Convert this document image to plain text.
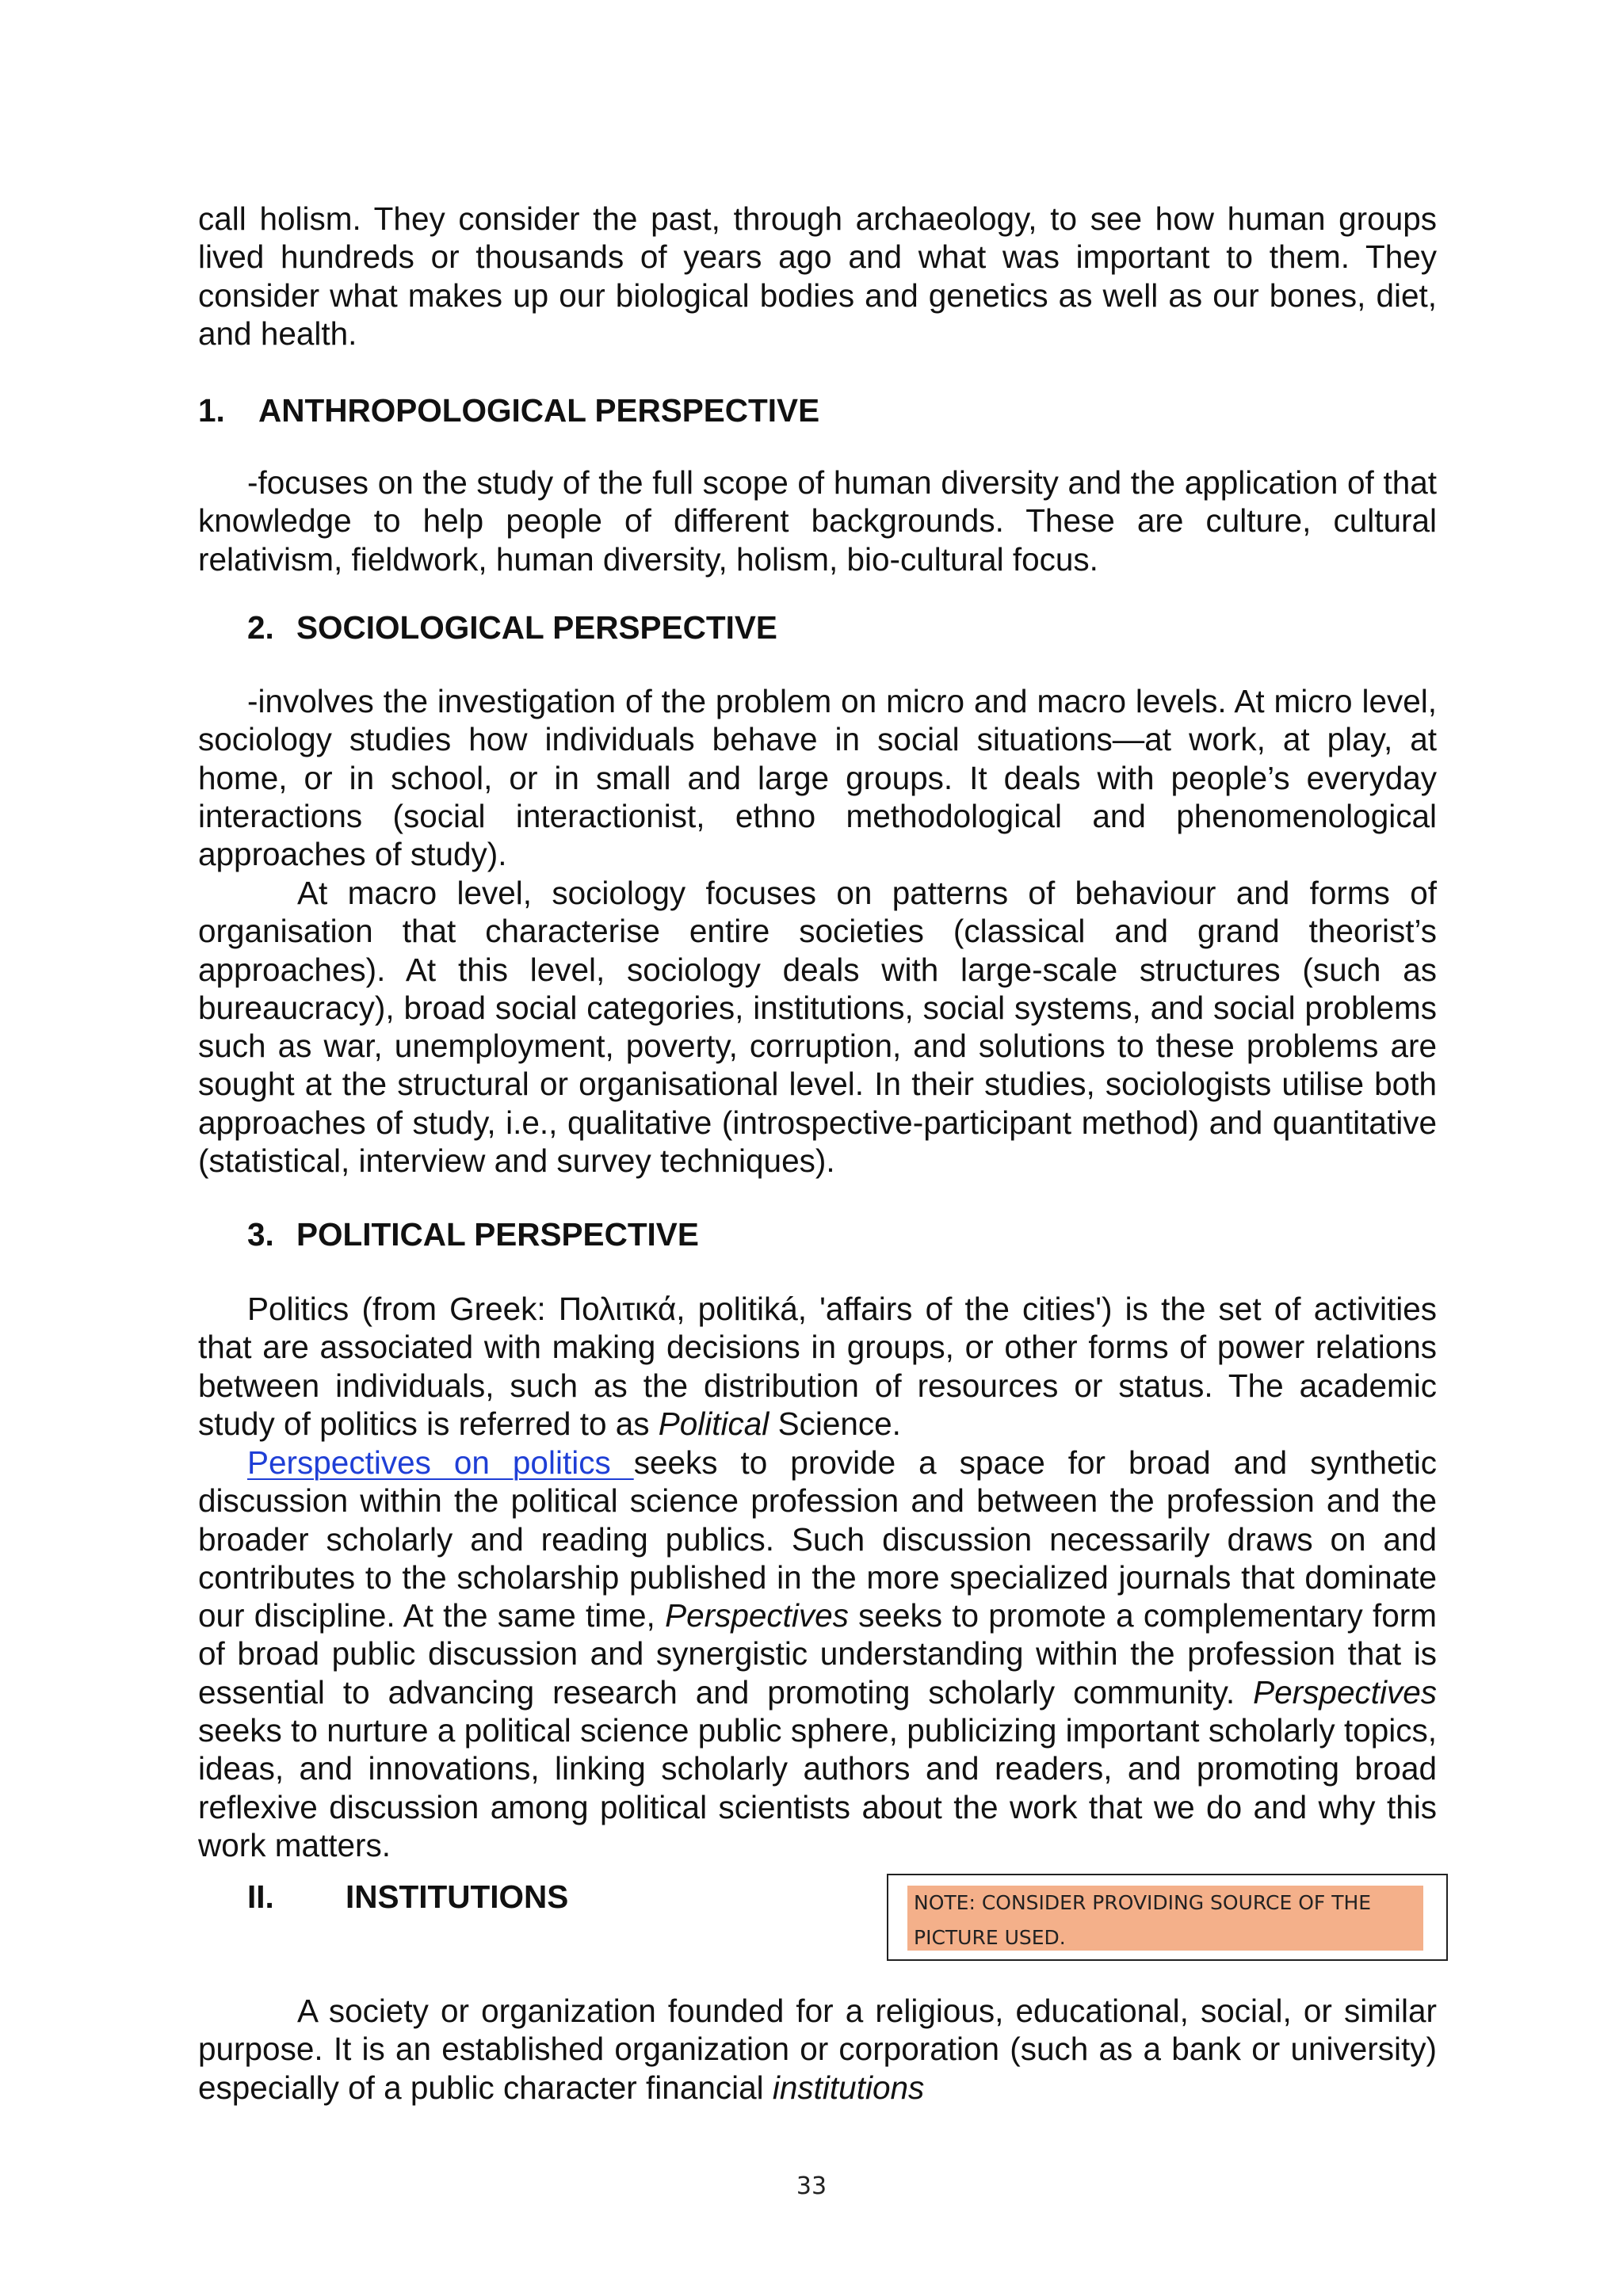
call holism. They consider the past, through archaeology, to see how human groups lived hundreds or thousands of years ago and what was important to them. They consider what makes up our biological bodies and genetics as well as our bones, diet, and health.

1. ANTHROPOLOGICAL PERSPECTIVE

-focuses on the study of the full scope of human diversity and the application of that knowledge to help people of different backgrounds. These are culture, cultural relativism, fieldwork, human diversity, holism, bio-cultural focus.

2. SOCIOLOGICAL PERSPECTIVE

-involves the investigation of the problem on micro and macro levels. At micro level, sociology studies how individuals behave in social situations—at work, at play, at home, or in school, or in small and large groups. It deals with people’s everyday interactions (social interactionist, ethno methodological and phenomenological approaches of study).

At macro level, sociology focuses on patterns of behaviour and forms of organisation that characterise entire societies (classical and grand theorist’s approaches). At this level, sociology deals with large-scale structures (such as bureaucracy), broad social categories, institutions, social systems, and social problems such as war, unemployment, poverty, corruption, and solutions to these problems are sought at the structural or organisational level. In their studies, sociologists utilise both approaches of study, i.e., qualitative (introspective-participant method) and quantitative (statistical, interview and survey techniques).

3. POLITICAL PERSPECTIVE

Politics (from Greek: Πολιτικά, politiká, 'affairs of the cities') is the set of activities that are associated with making decisions in groups, or other forms of power relations between individuals, such as the distribution of resources or status. The academic study of politics is referred to as Political Science.

Perspectives on politics seeks to provide a space for broad and synthetic discussion within the political science profession and between the profession and the broader scholarly and reading publics. Such discussion necessarily draws on and contributes to the scholarship published in the more specialized journals that dominate our discipline. At the same time, Perspectives seeks to promote a complementary form of broad public discussion and synergistic understanding within the profession that is essential to advancing research and promoting scholarly community. Perspectives seeks to nurture a political science public sphere, publicizing important scholarly topics, ideas, and innovations, linking scholarly authors and readers, and promoting broad reflexive discussion among political scientists about the work that we do and why this work matters.

II. INSTITUTIONS	NOTE: CONSIDER PROVIDING SOURCE OF THE PICTURE USED.

A society or organization founded for a religious, educational, social, or similar purpose. It is an established organization or corporation (such as a bank or university) especially of a public character financial institutions

33
